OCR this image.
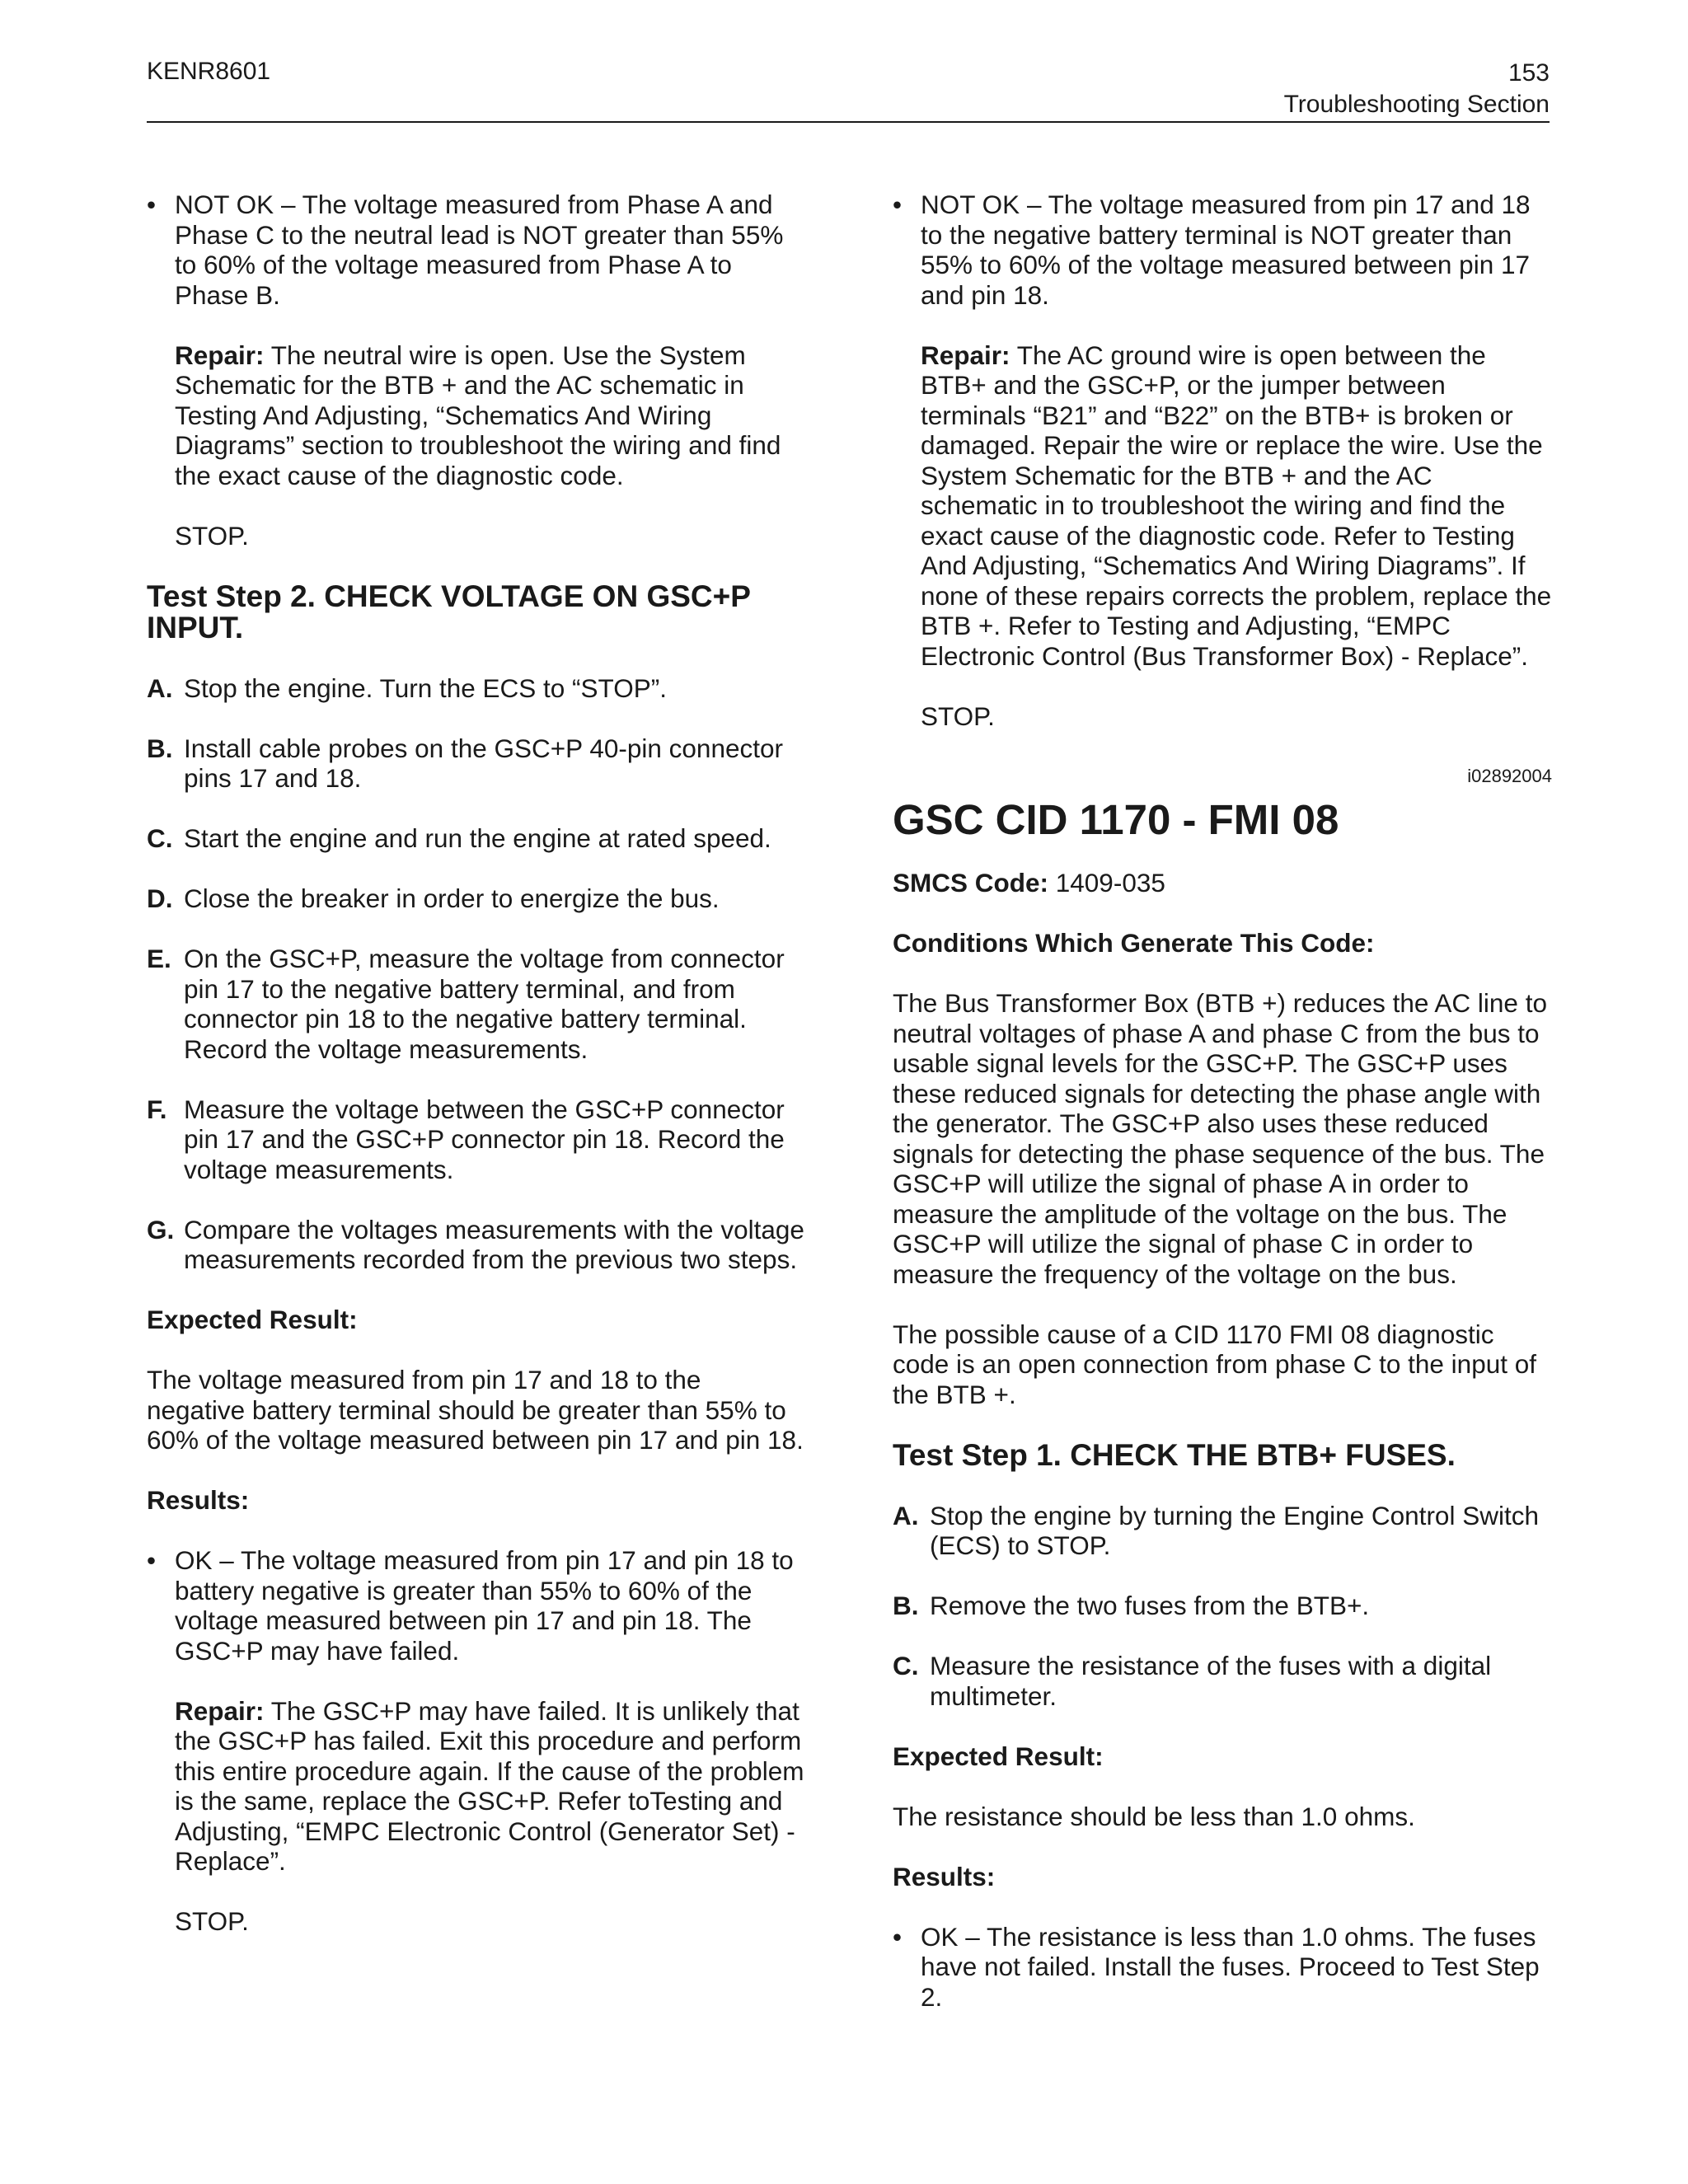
KENR8601	153
Troubleshooting Section
• NOT OK – The voltage measured from Phase A and Phase C to the neutral lead is NOT greater than 55% to 60% of the voltage measured from Phase A to Phase B.
Repair: The neutral wire is open. Use the System Schematic for the BTB + and the AC schematic in Testing And Adjusting, “Schematics And Wiring Diagrams” section to troubleshoot the wiring and find the exact cause of the diagnostic code.
STOP.
Test Step 2. CHECK VOLTAGE ON GSC+P INPUT.
A. Stop the engine. Turn the ECS to “STOP”.
B. Install cable probes on the GSC+P 40-pin connector pins 17 and 18.
C. Start the engine and run the engine at rated speed.
D. Close the breaker in order to energize the bus.
E. On the GSC+P, measure the voltage from connector pin 17 to the negative battery terminal, and from connector pin 18 to the negative battery terminal. Record the voltage measurements.
F. Measure the voltage between the GSC+P connector pin 17 and the GSC+P connector pin 18. Record the voltage measurements.
G. Compare the voltages measurements with the voltage measurements recorded from the previous two steps.

Expected Result:

The voltage measured from pin 17 and 18 to the negative battery terminal should be greater than 55% to 60% of the voltage measured between pin 17 and pin 18.

Results:

• OK – The voltage measured from pin 17 and pin 18 to battery negative is greater than 55% to 60% of the voltage measured between pin 17 and pin 18. The GSC+P may have failed.
Repair: The GSC+P may have failed. It is unlikely that the GSC+P has failed. Exit this procedure and perform this entire procedure again. If the cause of the problem is the same, replace the GSC+P. Refer toTesting and Adjusting, “EMPC Electronic Control (Generator Set) - Replace”.
STOP.
• NOT OK – The voltage measured from pin 17 and 18 to the negative battery terminal is NOT greater than 55% to 60% of the voltage measured between pin 17 and pin 18.
Repair: The AC ground wire is open between the BTB+ and the GSC+P, or the jumper between terminals “B21” and “B22” on the BTB+ is broken or damaged. Repair the wire or replace the wire. Use the System Schematic for the BTB + and the AC schematic in to troubleshoot the wiring and find the exact cause of the diagnostic code. Refer to Testing And Adjusting, “Schematics And Wiring Diagrams”. If none of these repairs corrects the problem, replace the BTB +. Refer to Testing and Adjusting, “EMPC Electronic Control (Bus Transformer Box) - Replace”.
STOP.
i02892004
GSC CID 1170 - FMI 08

SMCS Code: 1409-035

Conditions Which Generate This Code:

The Bus Transformer Box (BTB +) reduces the AC line to neutral voltages of phase A and phase C from the bus to usable signal levels for the GSC+P. The GSC+P uses these reduced signals for detecting the phase angle with the generator. The GSC+P also uses these reduced signals for detecting the phase sequence of the bus. The GSC+P will utilize the signal of phase A in order to measure the amplitude of the voltage on the bus. The GSC+P will utilize the signal of phase C in order to measure the frequency of the voltage on the bus.

The possible cause of a CID 1170 FMI 08 diagnostic code is an open connection from phase C to the input of the BTB +.

Test Step 1. CHECK THE BTB+ FUSES.
A. Stop the engine by turning the Engine Control Switch (ECS) to STOP.
B. Remove the two fuses from the BTB+.
C. Measure the resistance of the fuses with a digital multimeter.

Expected Result:

The resistance should be less than 1.0 ohms.

Results:

• OK – The resistance is less than 1.0 ohms. The fuses have not failed. Install the fuses. Proceed to Test Step 2.
